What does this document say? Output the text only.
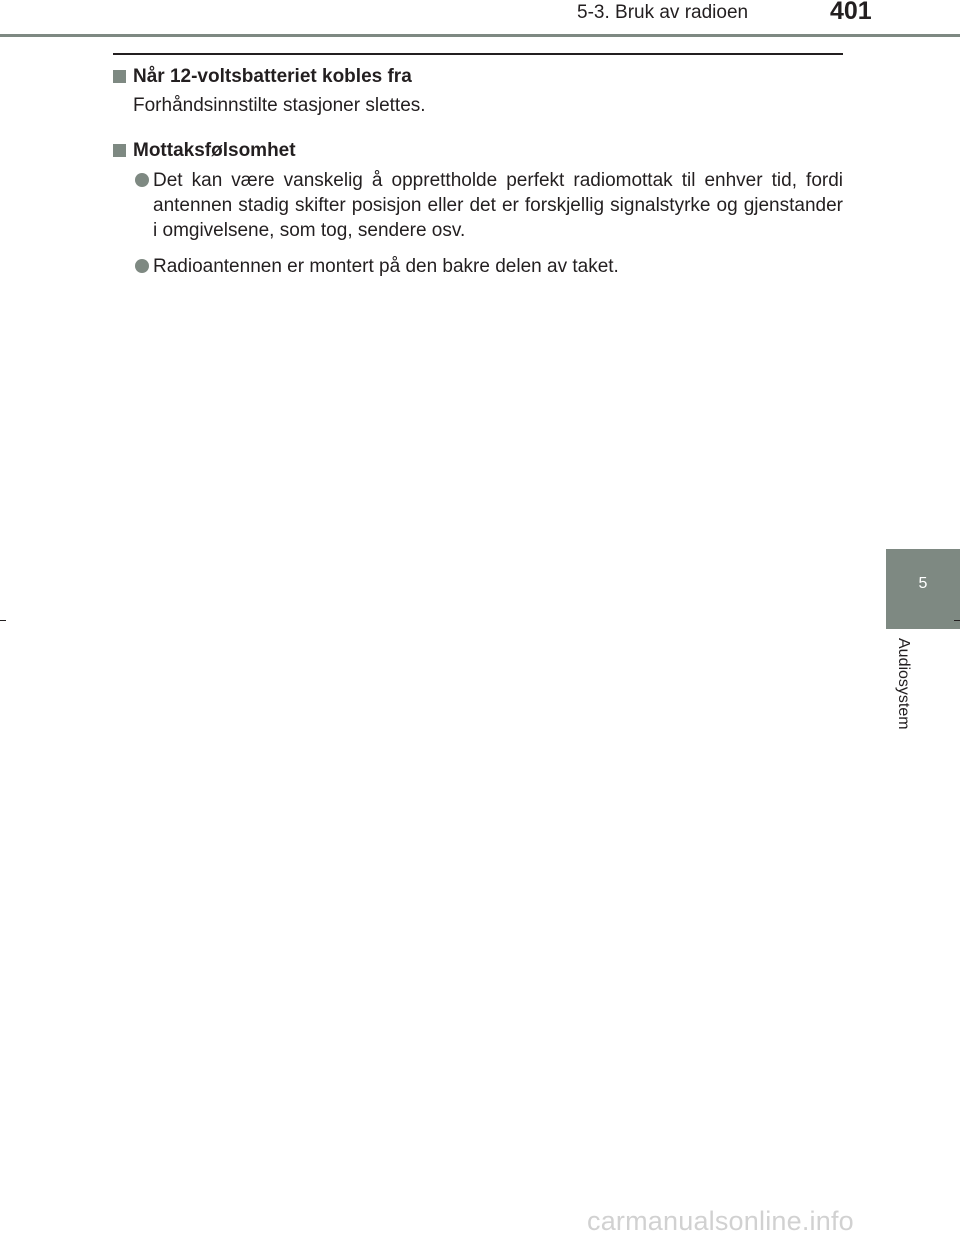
5-3. Bruk av radioen	401
5
Audiosystem
Når 12-voltsbatteriet kobles fra
Forhåndsinnstilte stasjoner slettes.
Mottaksfølsomhet
Det kan være vanskelig å opprettholde perfekt radiomottak til enhver tid, fordi antennen stadig skifter posisjon eller det er forskjellig signalstyrke og gjenstander i omgivelsene, som tog, sendere osv.
Radioantennen er montert på den bakre delen av taket.
carmanualsonline.info
